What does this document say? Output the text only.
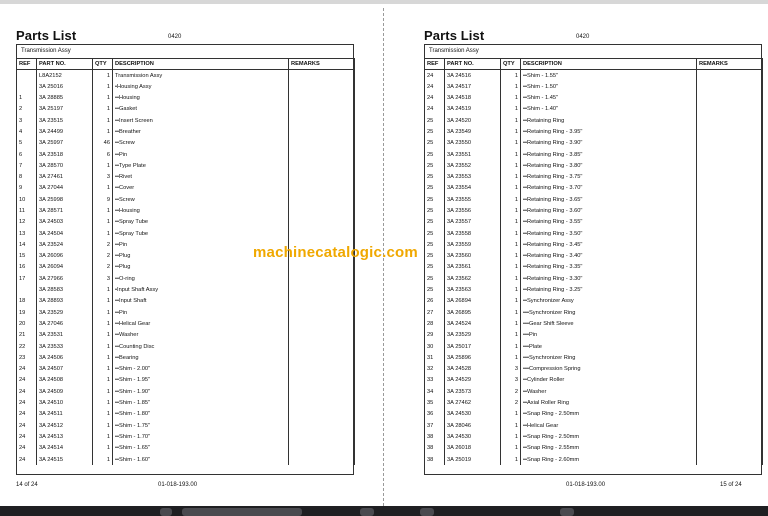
Parts List	0420
Transmission Assy
REF	PART NO.	QTY	DESCRIPTION	REMARKS
	L8A2152	1	Transmission Assy	
	3A 25016	1	•Housing Assy	
1	3A 28885	1	••Housing	
2	3A 25197	1	••Gasket	
3	3A 23515	1	••Insert Screen	
4	3A 24499	1	••Breather	
5	3A 25997	46	••Screw	
6	3A 23518	6	••Pin	
7	3A 28570	1	••Type Plate	
8	3A 27461	3	••Rivet	
9	3A 27044	1	••Cover	
10	3A 25998	9	••Screw	
11	3A 28571	1	••Housing	
12	3A 24503	1	••Spray Tube	
13	3A 24504	1	••Spray Tube	
14	3A 23524	2	••Pin	
15	3A 26096	2	••Plug	
16	3A 26094	2	••Plug	
17	3A 27966	3	••O-ring	
	3A 28583	1	•Input Shaft Assy	
18	3A 28893	1	••Input Shaft	
19	3A 23529	1	••Pin	
20	3A 27046	1	••Helical Gear	
21	3A 23531	1	••Washer	
22	3A 23533	1	••Counting Disc	
23	3A 24506	1	••Bearing	
24	3A 24507	1	••Shim - 2.00"	
24	3A 24508	1	••Shim - 1.95"	
24	3A 24509	1	••Shim - 1.90"	
24	3A 24510	1	••Shim - 1.85"	
24	3A 24511	1	••Shim - 1.80"	
24	3A 24512	1	••Shim - 1.75"	
24	3A 24513	1	••Shim - 1.70"	
24	3A 24514	1	••Shim - 1.65"	
24	3A 24515	1	••Shim - 1.60"	
14 of 24	01-018-193.00
Parts List	0420
Transmission Assy
REF	PART NO.	QTY	DESCRIPTION	REMARKS
24	3A 24516	1	••Shim - 1.55"	
24	3A 24517	1	••Shim - 1.50"	
24	3A 24518	1	••Shim - 1.45"	
24	3A 24519	1	••Shim - 1.40"	
25	3A 24520	1	••Retaining Ring	
25	3A 23549	1	••Retaining Ring - 3.95"	
25	3A 23550	1	••Retaining Ring - 3.90"	
25	3A 23551	1	••Retaining Ring - 3.85"	
25	3A 23552	1	••Retaining Ring - 3.80"	
25	3A 23553	1	••Retaining Ring - 3.75"	
25	3A 23554	1	••Retaining Ring - 3.70"	
25	3A 23555	1	••Retaining Ring - 3.65"	
25	3A 23556	1	••Retaining Ring - 3.60"	
25	3A 23557	1	••Retaining Ring - 3.55"	
25	3A 23558	1	••Retaining Ring - 3.50"	
25	3A 23559	1	••Retaining Ring - 3.45"	
25	3A 23560	1	••Retaining Ring - 3.40"	
25	3A 23561	1	••Retaining Ring - 3.35"	
25	3A 23562	1	••Retaining Ring - 3.30"	
25	3A 23563	1	••Retaining Ring - 3.25"	
26	3A 26894	1	••Synchronizer Assy	
27	3A 26895	1	•••Synchronizer Ring	
28	3A 24524	1	•••Gear Shift Sleeve	
29	3A 23529	1	•••Pin	
30	3A 25017	1	•••Plate	
31	3A 25896	1	•••Synchronizer Ring	
32	3A 24528	3	•••Compression Spring	
33	3A 24529	3	••Cylinder Roller	
34	3A 23573	2	••Washer	
35	3A 27462	2	••Axial Roller Ring	
36	3A 24530	1	••Snap Ring - 2.50mm	
37	3A 28046	1	••Helical Gear	
38	3A 24530	1	••Snap Ring - 2.50mm	
38	3A 26018	1	••Snap Ring - 2.55mm	
38	3A 25019	1	••Snap Ring - 2.60mm	
01-018-193.00	15 of 24
machinecatalogic.com
